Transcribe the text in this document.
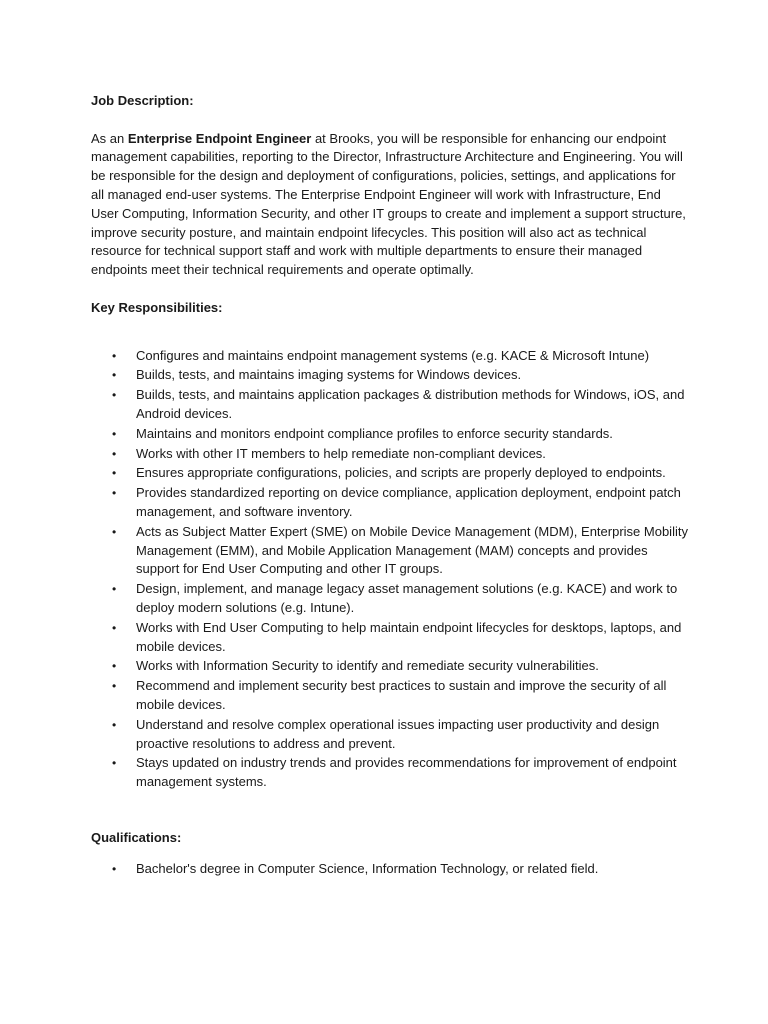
Job Description:

As an Enterprise Endpoint Engineer at Brooks, you will be responsible for enhancing our endpoint management capabilities, reporting to the Director, Infrastructure Architecture and Engineering. You will be responsible for the design and deployment of configurations, policies, settings, and applications for all managed end-user systems. The Enterprise Endpoint Engineer will work with Infrastructure, End User Computing, Information Security, and other IT groups to create and implement a support structure, improve security posture, and maintain endpoint lifecycles. This position will also act as technical resource for technical support staff and work with multiple departments to ensure their managed endpoints meet their technical requirements and operate optimally.

Key Responsibilities:

• Configures and maintains endpoint management systems (e.g. KACE & Microsoft Intune)
• Builds, tests, and maintains imaging systems for Windows devices.
• Builds, tests, and maintains application packages & distribution methods for Windows, iOS, and Android devices.
• Maintains and monitors endpoint compliance profiles to enforce security standards.
• Works with other IT members to help remediate non-compliant devices.
• Ensures appropriate configurations, policies, and scripts are properly deployed to endpoints.
• Provides standardized reporting on device compliance, application deployment, endpoint patch management, and software inventory.
• Acts as Subject Matter Expert (SME) on Mobile Device Management (MDM), Enterprise Mobility Management (EMM), and Mobile Application Management (MAM) concepts and provides support for End User Computing and other IT groups.
• Design, implement, and manage legacy asset management solutions (e.g. KACE) and work to deploy modern solutions (e.g. Intune).
• Works with End User Computing to help maintain endpoint lifecycles for desktops, laptops, and mobile devices.
• Works with Information Security to identify and remediate security vulnerabilities.
• Recommend and implement security best practices to sustain and improve the security of all mobile devices.
• Understand and resolve complex operational issues impacting user productivity and design proactive resolutions to address and prevent.
• Stays updated on industry trends and provides recommendations for improvement of endpoint management systems.

Qualifications:

• Bachelor's degree in Computer Science, Information Technology, or related field.
